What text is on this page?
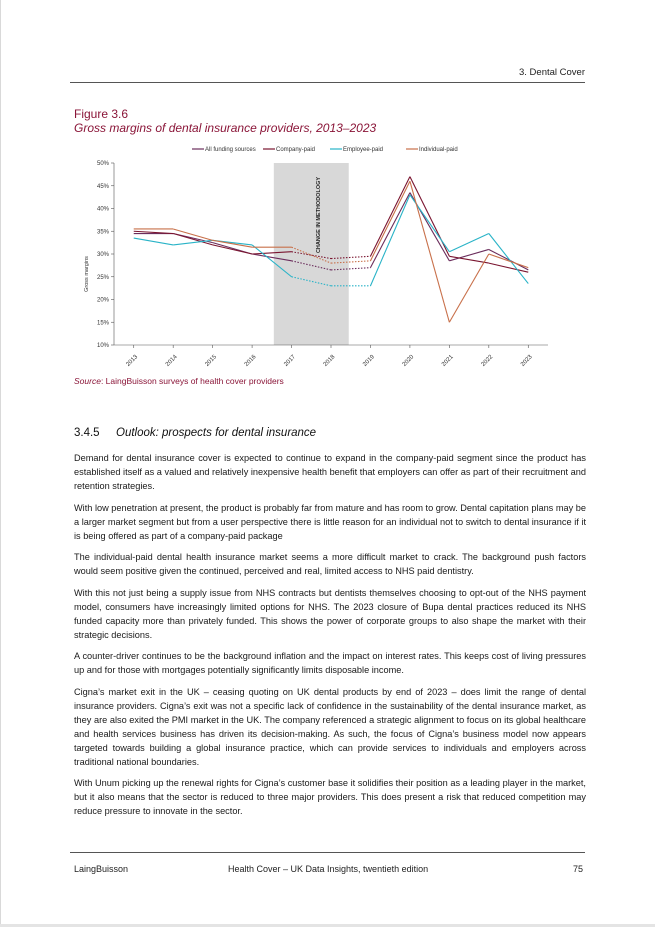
3. Dental Cover
Figure 3.6
Gross margins of dental insurance providers, 2013–2023
CHANGE IN METHODOLOGY
10%
15%
20%
25%
30%
35%
40%
45%
50%
Gross margins
2013	2014	2015	2016	2017	2018	2019	2020	2021	2022	2023
All funding sources	Company-paid	Employee-paid	Individual-paid
Source: LaingBuisson surveys of health cover providers
3.4.5 Outlook: prospects for dental insurance

Demand for dental insurance cover is expected to continue to expand in the company-paid segment since the product has established itself as a valued and relatively inexpensive health benefit that employers can offer as part of their recruitment and retention strategies.

With low penetration at present, the product is probably far from mature and has room to grow. Dental capitation plans may be a larger market segment but from a user perspective there is little reason for an individual not to switch to dental insurance if it is being offered as part of a company-paid package

The individual-paid dental health insurance market seems a more difficult market to crack. The background push factors would seem positive given the continued, perceived and real, limited access to NHS paid dentistry.

With this not just being a supply issue from NHS contracts but dentists themselves choosing to opt-out of the NHS payment model, consumers have increasingly limited options for NHS. The 2023 closure of Bupa dental practices reduced its NHS funded capacity more than privately funded. This shows the power of corporate groups to also shape the market with their strategic decisions.

A counter-driver continues to be the background inflation and the impact on interest rates. This keeps cost of living pressures up and for those with mortgages potentially significantly limits disposable income.

Cigna’s market exit in the UK – ceasing quoting on UK dental products by end of 2023 – does limit the range of dental insurance providers. Cigna’s exit was not a specific lack of confidence in the sustainability of the dental insurance market, as they are also exited the PMI market in the UK. The company referenced a strategic alignment to focus on its global healthcare and health services business has driven its decision-making. As such, the focus of Cigna’s business model now appears targeted towards building a global insurance practice, which can provide services to individuals and employers across traditional national boundaries.

With Unum picking up the renewal rights for Cigna’s customer base it solidifies their position as a leading player in the market, but it also means that the sector is reduced to three major providers. This does present a risk that reduced competition may reduce pressure to innovate in the sector.

LaingBuisson	Health Cover – UK Data Insights, twentieth edition	75
